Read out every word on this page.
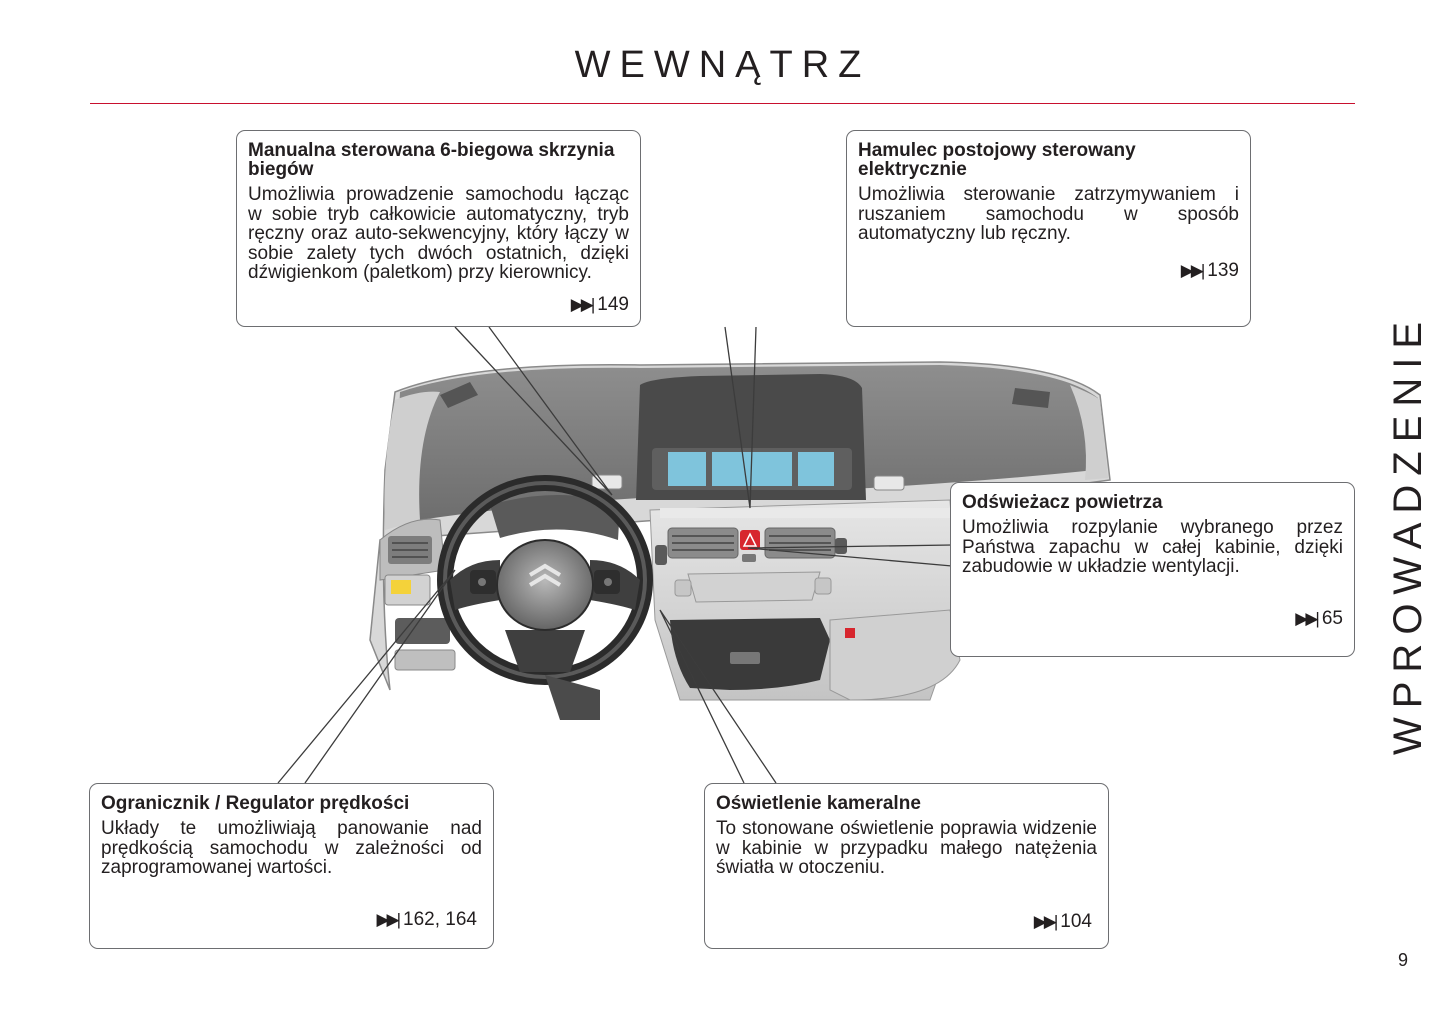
WEWNĄTRZ
Manualna sterowana 6-biegowa skrzynia biegów

Umożliwia prowadzenie samochodu łącząc w sobie tryb całkowicie automatyczny, tryb ręczny oraz auto-sekwencyjny, który łączy w sobie zalety tych dwóch ostatnich, dzięki dźwigienkom (paletkom) przy kierownicy.

▶▶| 149
Hamulec postojowy sterowany elektrycznie

Umożliwia sterowanie zatrzymywaniem i ruszaniem samochodu w sposób automatyczny lub ręczny.

▶▶| 139
Odświeżacz powietrza

Umożliwia rozpylanie wybranego przez Państwa zapachu w całej kabinie, dzięki zabudowie w układzie wentylacji.

▶▶| 65
Ogranicznik / Regulator prędkości

Układy te umożliwiają panowanie nad prędkością samochodu w zależności od zaprogramowanej wartości.

▶▶| 162, 164
Oświetlenie kameralne

To stonowane oświetlenie poprawia widzenie w kabinie w przypadku małego natężenia światła w otoczeniu.

▶▶| 104
WPROWADZENIE
9
